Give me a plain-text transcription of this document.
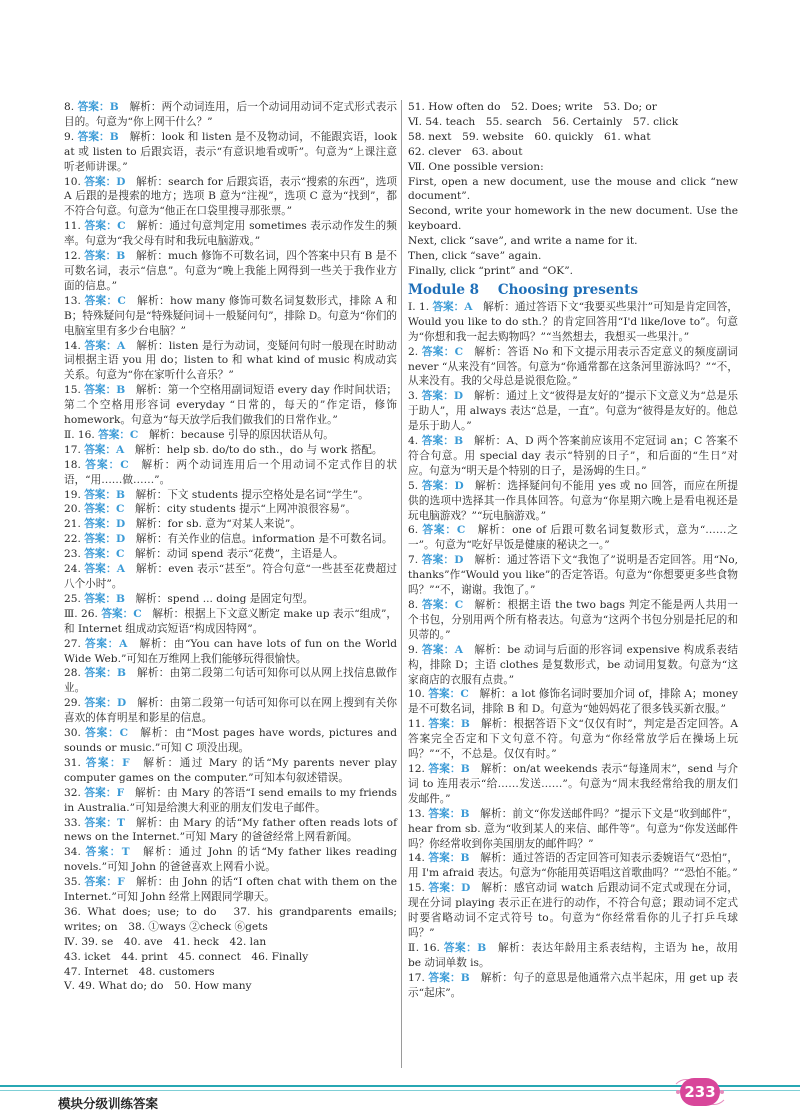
8. 答案：B　解析：两个动词连用，后一个动词用动词不定式形式表示目的。句意为“你上网干什么？”

9. 答案：B　解析：look 和 listen 是不及物动词，不能跟宾语，look at 或 listen to 后跟宾语，表示“有意识地看或听”。句意为“上课注意听老师讲课。”

10. 答案：D　解析：search for 后跟宾语，表示“搜索的东西”，选项 A 后跟的是搜索的地方；选项 B 意为“注视”，选项 C 意为“找到”，都不符合句意。句意为“他正在口袋里搜寻那张票。”

11. 答案：C　解析：通过句意判定用 sometimes 表示动作发生的频率。句意为“我父母有时和我玩电脑游戏。”

12. 答案：B　解析：much 修饰不可数名词，四个答案中只有 B 是不可数名词，表示“信息”。句意为“晚上我能上网得到一些关于我作业方面的信息。”

13. 答案：C　解析：how many 修饰可数名词复数形式，排除 A 和 B；特殊疑问句是“特殊疑问词＋一般疑问句”，排除 D。句意为“你们的电脑室里有多少台电脑？”

14. 答案：A　解析：listen 是行为动词，变疑问句时一般现在时助动词根据主语 you 用 do；listen to 和 what kind of music 构成动宾关系。句意为“你在家听什么音乐？”

15. 答案：B　解析：第一个空格用副词短语 every day 作时间状语；第二个空格用形容词 everyday “日常的，每天的”作定语，修饰 homework。句意为“每天放学后我们做我们的日常作业。”

Ⅱ. 16. 答案：C　解析：because 引导的原因状语从句。

17. 答案：A　解析：help sb. do/to do sth.，do 与 work 搭配。

18. 答案：C　解析：两个动词连用后一个用动词不定式作目的状语，“用……做……”。

19. 答案：B　解析：下文 students 提示空格处是名词“学生”。

20. 答案：C　解析：city students 提示“上网冲浪很容易”。

21. 答案：D　解析：for sb. 意为“对某人来说”。

22. 答案：D　解析：有关作业的信息。information 是不可数名词。

23. 答案：C　解析：动词 spend 表示“花费”，主语是人。

24. 答案：A　解析：even 表示“甚至”。符合句意“一些甚至花费超过八个小时”。

25. 答案：B　解析：spend ... doing 是固定句型。

Ⅲ. 26. 答案：C　解析：根据上下文意义断定 make up 表示“组成”，和 Internet 组成动宾短语“构成因特网”。

27. 答案：A　解析：由“You can have lots of fun on the World Wide Web.”可知在万维网上我们能够玩得很愉快。

28. 答案：B　解析：由第二段第二句话可知你可以从网上找信息做作业。

29. 答案：D　解析：由第二段第一句话可知你可以在网上搜到有关你喜欢的体育明星和影星的信息。

30. 答案：C　解析：由“Most pages have words, pictures and sounds or music.”可知 C 项没出现。

31. 答案：F　解析：通过 Mary 的话“My parents never play computer games on the computer.”可知本句叙述错误。

32. 答案：F　解析：由 Mary 的答语“I send emails to my friends in Australia.”可知是给澳大利亚的朋友们发电子邮件。

33. 答案：T　解析：由 Mary 的话“My father often reads lots of news on the Internet.”可知 Mary 的爸爸经常上网看新闻。

34. 答案：T　解析：通过 John 的话“My father likes reading novels.”可知 John 的爸爸喜欢上网看小说。

35. 答案：F　解析：由 John 的话“I often chat with them on the Internet.”可知 John 经常上网跟同学聊天。

36. What does; use; to do　37. his grandparents emails; writes; on　38. ①ways ②check ⑥gets

Ⅳ. 39. se　40. ave　41. heck　42. lan

43. icket　44. print　45. connect　46. Finally

47. Internet　48. customers

Ⅴ. 49. What do; do　50. How many

51. How often do　52. Does; write　53. Do; or

Ⅵ. 54. teach　55. search　56. Certainly　57. click

58. next　59. website　60. quickly　61. what

62. clever　63. about

Ⅶ. One possible version:

First, open a new document, use the mouse and click “new document”.

Second, write your homework in the new document. Use the keyboard.

Next, click “save”, and write a name for it.

Then, click “save” again.

Finally, click “print” and “OK”.

Module 8 Choosing presents

Ⅰ. 1. 答案：A　解析：通过答语下文“我要买些果汁”可知是肯定回答，Would you like to do sth.？的肯定回答用“I'd like/love to”。句意为“你想和我一起去购物吗？”“当然想去，我想买一些果汁。”

2. 答案：C　解析：答语 No 和下文提示用表示否定意义的频度副词 never “从来没有”回答。句意为“你通常都在这条河里游泳吗？”“不，从来没有。我的父母总是说很危险。”

3. 答案：D　解析：通过上文“彼得是友好的”提示下文意义为“总是乐于助人”，用 always 表达“总是，一直”。句意为“彼得是友好的。他总是乐于助人。”

4. 答案：B　解析：A、D 两个答案前应该用不定冠词 an；C 答案不符合句意。用 special day 表示“特别的日子”，和后面的“生日”对应。句意为“明天是个特别的日子，是汤姆的生日。”

5. 答案：D　解析：选择疑问句不能用 yes 或 no 回答，而应在所提供的选项中选择其一作具体回答。句意为“你星期六晚上是看电视还是玩电脑游戏？”“玩电脑游戏。”

6. 答案：C　解析：one of 后跟可数名词复数形式，意为“……之一”。句意为“吃好早饭是健康的秘诀之一。”

7. 答案：D　解析：通过答语下文“我饱了”说明是否定回答。用“No, thanks”作“Would you like”的否定答语。句意为“你想要更多些食物吗？”“不，谢谢。我饱了。”

8. 答案：C　解析：根据主语 the two bags 判定不能是两人共用一个书包，分别用两个所有格表达。句意为“这两个书包分别是托尼的和贝蒂的。”

9. 答案：A　解析：be 动词与后面的形容词 expensive 构成系表结构，排除 D；主语 clothes 是复数形式，be 动词用复数。句意为“这家商店的衣服有点贵。”

10. 答案：C　解析：a lot 修饰名词时要加介词 of，排除 A；money 是不可数名词，排除 B 和 D。句意为“她妈妈花了很多钱买新衣服。”

11. 答案：B　解析：根据答语下文“仅仅有时”，判定是否定回答。A 答案完全否定和下文句意不符。句意为“你经常放学后在操场上玩吗？”“不，不总是。仅仅有时。”

12. 答案：B　解析：on/at weekends 表示“每逢周末”，send 与介词 to 连用表示“给……发送……”。句意为“周末我经常给我的朋友们发邮件。”

13. 答案：B　解析：前文“你发送邮件吗？”提示下文是“收到邮件”，hear from sb. 意为“收到某人的来信、邮件等”。句意为“你发送邮件吗？你经常收到你美国朋友的邮件吗？”

14. 答案：B　解析：通过答语的否定回答可知表示委婉语气“恐怕”，用 I'm afraid 表达。句意为“你能用英语唱这首歌曲吗？”“恐怕不能。”

15. 答案：D　解析：感官动词 watch 后跟动词不定式或现在分词，现在分词 playing 表示正在进行的动作，不符合句意；跟动词不定式时要省略动词不定式符号 to。句意为“你经常看你的儿子打乒乓球吗？”

Ⅱ. 16. 答案：B　解析：表达年龄用主系表结构，主语为 he，故用 be 动词单数 is。

17. 答案：B　解析：句子的意思是他通常六点半起床，用 get up 表示“起床”。

模块分级训练答案
233
